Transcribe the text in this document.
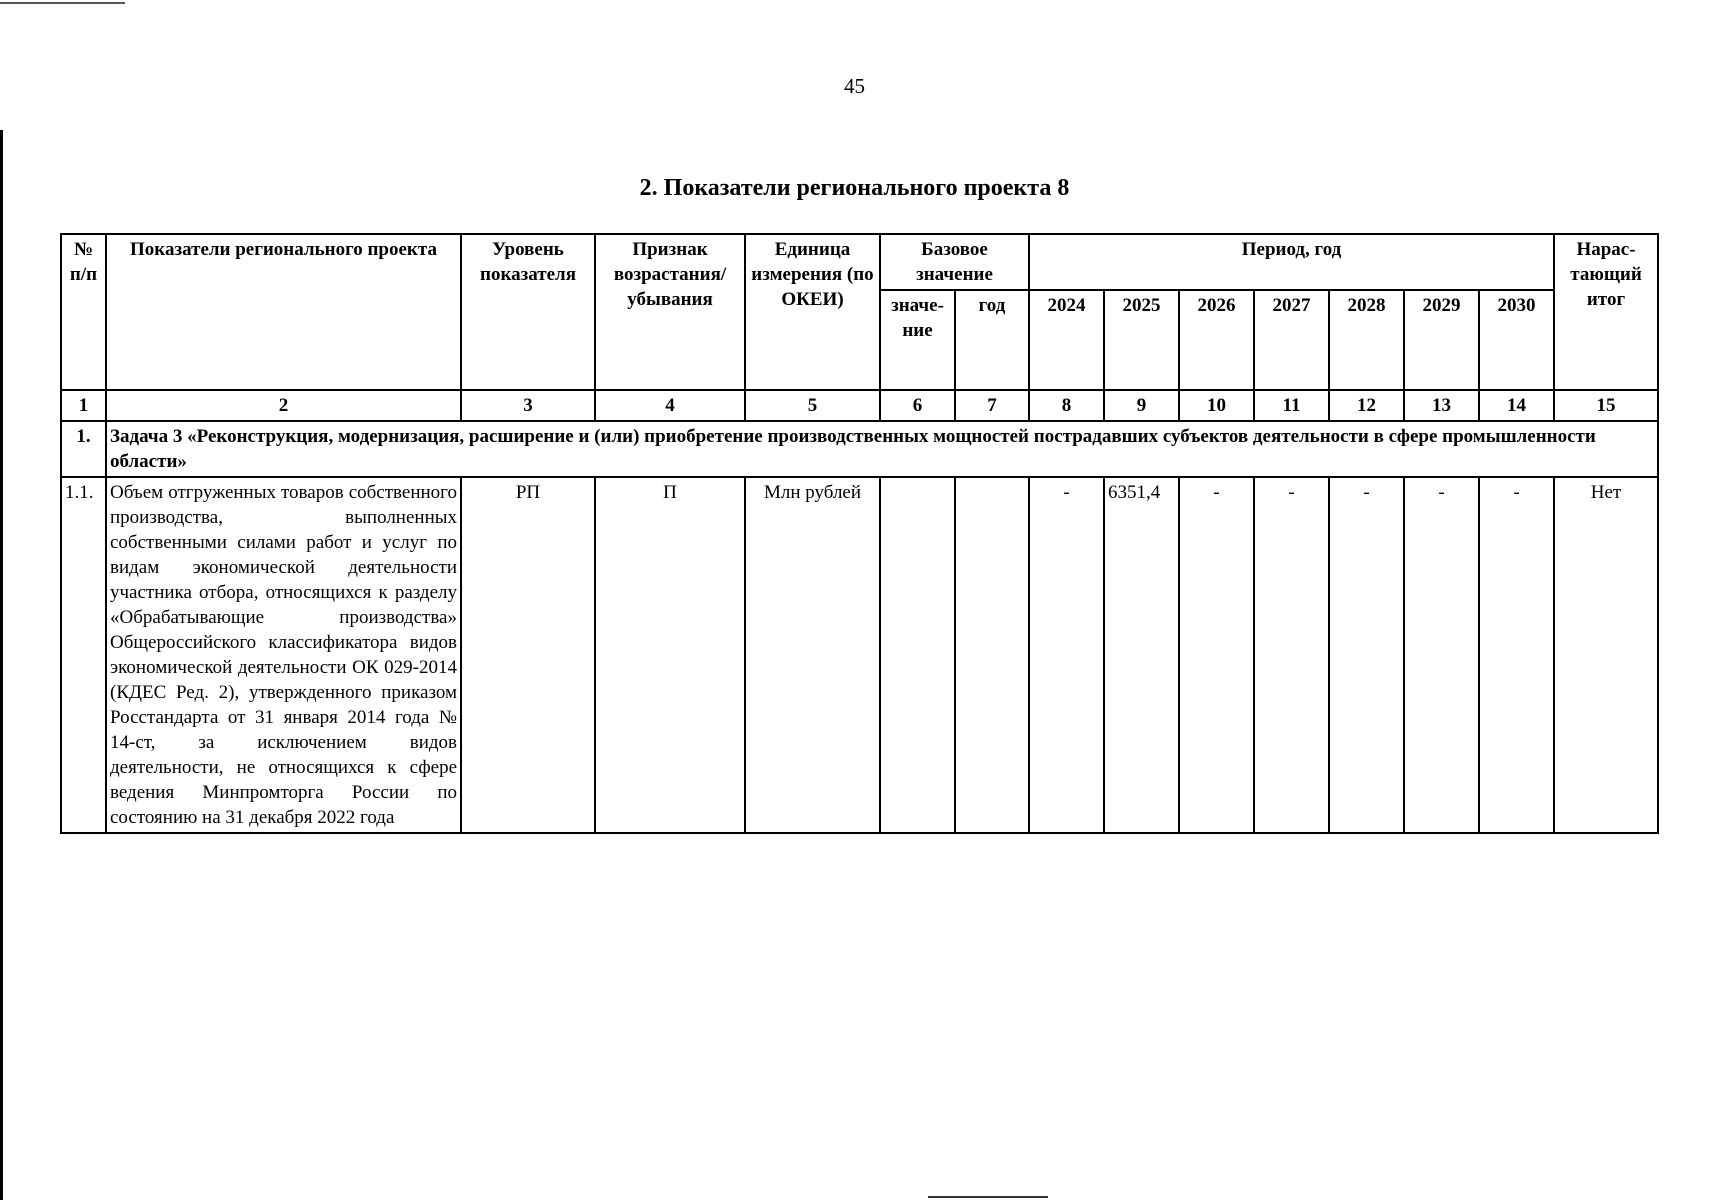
45
2. Показатели регионального проекта 8
№ п/п	Показатели регионального проекта	Уровень показателя	Признак возрастания/ убывания	Единица измерения (по ОКЕИ)	Базовое значение		Период, год							Нарас-тающий итог
					значе-ние	год	2024	2025	2026	2027	2028	2029	2030	
1	2	3	4	5	6	7	8	9	10	11	12	13	14	15
1.	Задача 3 «Реконструкция, модернизация, расширение и (или) приобретение производственных мощностей пострадавших субъектов деятельности в сфере промышленности области»													
1.1.	Объем отгруженных товаров собственного производства, выполненных собственными силами работ и услуг по видам экономической деятельности участника отбора, относящихся к разделу «Обрабатывающие производства» Общероссийского классификатора видов экономической деятельности ОК 029-2014 (КДЕС Ред. 2), утвержденного приказом Росстандарта от 31 января 2014 года № 14-ст, за исключением видов деятельности, не относящихся к сфере ведения Минпромторга России по состоянию на 31 декабря 2022 года	РП	П	Млн рублей			-	6351,4	-	-	-	-	-	Нет
